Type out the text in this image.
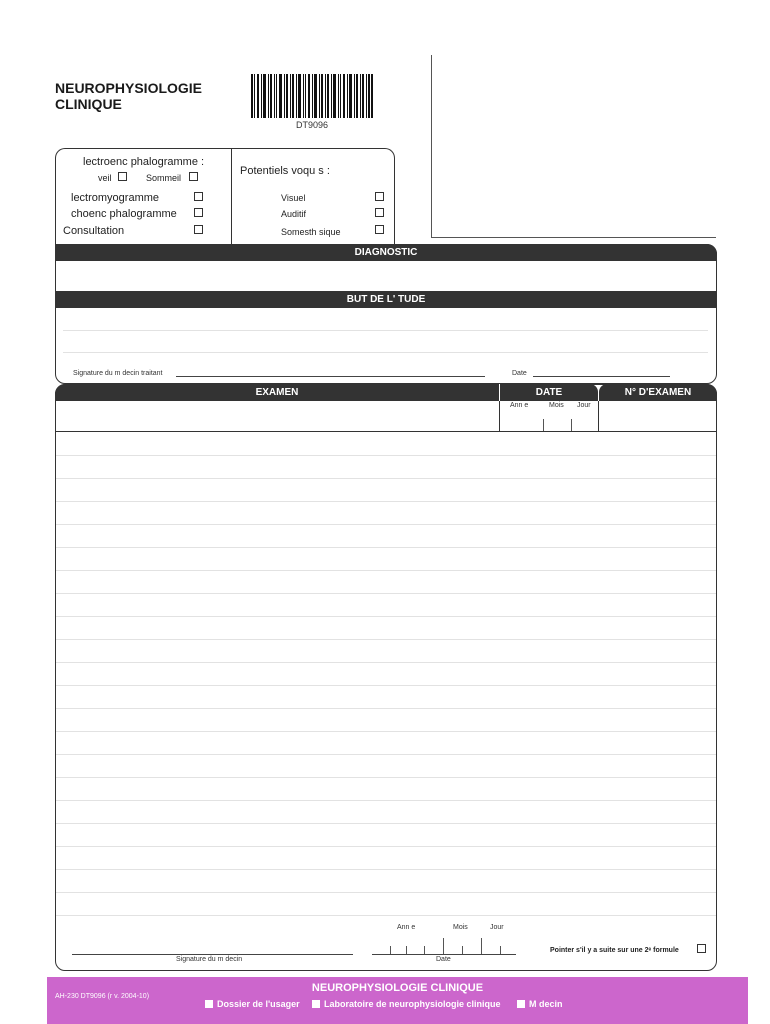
NEUROPHYSIOLOGIE
CLINIQUE
DT9096
lectroenc phalogramme :
veil	Sommeil
lectromyogramme
choenc phalogramme
Consultation
Potentiels voqu s :
Visuel
Auditif
Somesth sique
DIAGNOSTIC
BUT DE L' TUDE
Signature du m decin traitant	Date
EXAMEN	DATE	N° D'EXAMEN
Ann e	Mois Jour
Ann e	Mois	Jour
Signature du m decin	Date
Pointer s'il y a suite sur une 2ᵉ formule
NEUROPHYSIOLOGIE CLINIQUE
AH-230 DT9096 (r v. 2004-10)
Dossier de l'usager	Laboratoire de neurophysiologie clinique	M decin
